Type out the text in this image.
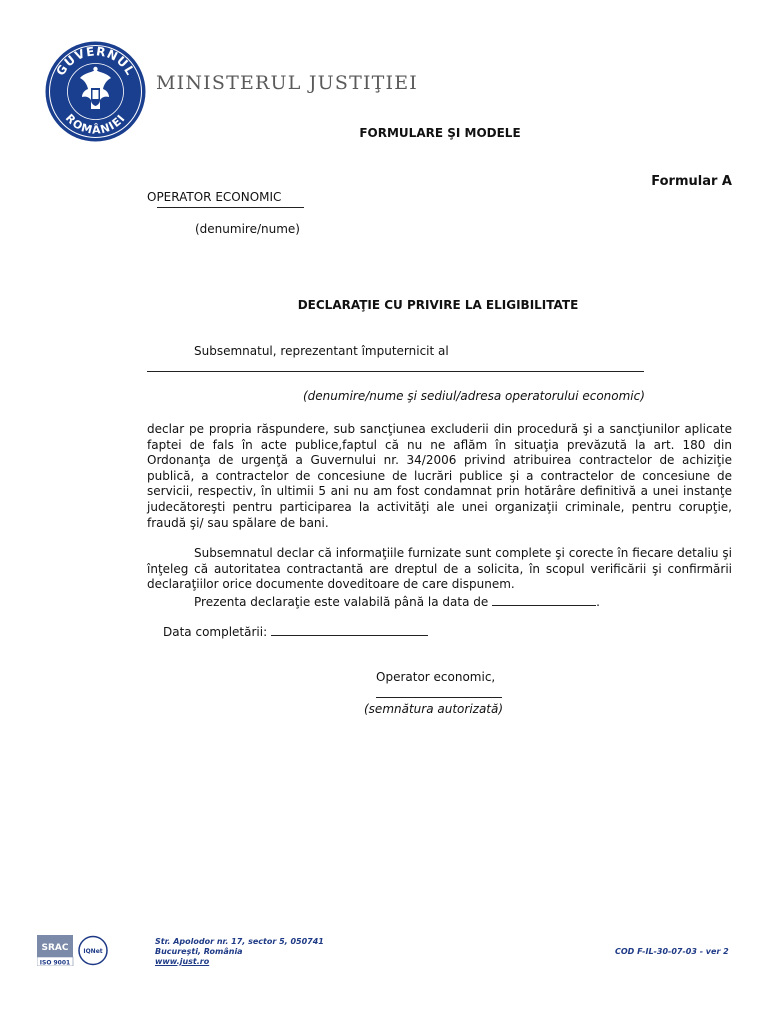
GUVERNUL
ROMÂNIEI
MINISTERUL JUSTIŢIEI
FORMULARE ŞI MODELE
Formular A
OPERATOR ECONOMIC
(denumire/nume)
DECLARAŢIE CU PRIVIRE LA ELIGIBILITATE
Subsemnatul, reprezentant împuternicit al
(denumire/nume şi sediul/adresa operatorului economic)

declar pe propria răspundere, sub sancţiunea excluderii din procedură şi a sancţiunilor aplicate faptei de fals în acte publice,faptul că nu ne aflăm în situaţia prevăzută la art. 180 din Ordonanţa de urgenţă a Guvernului nr. 34/2006 privind atribuirea contractelor de achiziţie publică, a contractelor de concesiune de lucrări publice şi a contractelor de concesiune de servicii, respectiv, în ultimii 5 ani nu am fost condamnat prin hotărâre definitivă a unei instanţe judecătoreşti pentru participarea la activităţi ale unei organizaţii criminale, pentru corupţie, fraudă şi/ sau spălare de bani.

Subsemnatul declar că informaţiile furnizate sunt complete şi corecte în fiecare detaliu şi înţeleg că autoritatea contractantă are dreptul de a solicita, în scopul verificării şi confirmării declaraţiilor orice documente doveditoare de care dispunem.

Prezenta declaraţie este valabilă până la data de	.
Data completării:
Operator economic,
(semnătura autorizată)
SRAC
ISO 9001
IQNet
Str. Apolodor nr. 17, sector 5, 050741
Bucureşti, România
www.just.ro
COD F-IL-30-07-03 - ver 2
